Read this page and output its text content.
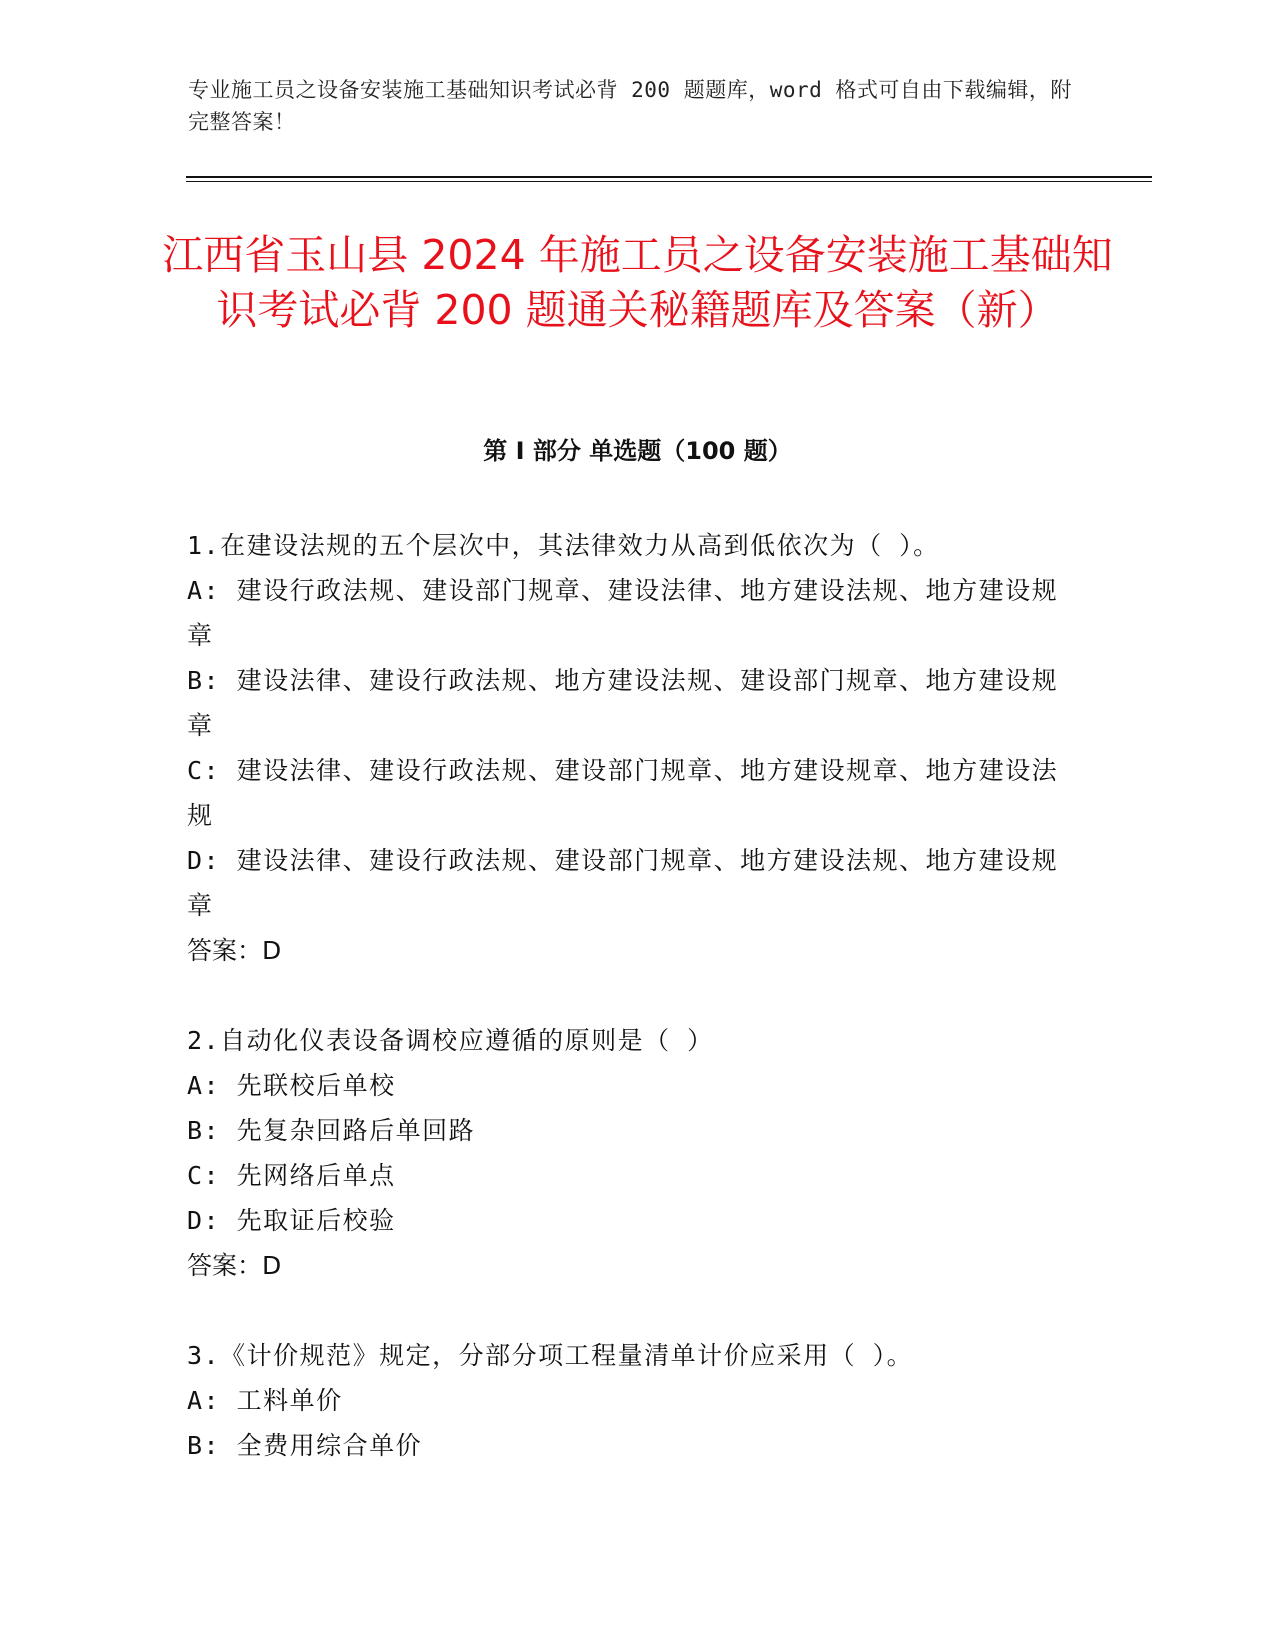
专业施工员之设备安装施工基础知识考试必背 200 题题库，word 格式可自由下载编辑，附完整答案！
江西省玉山县 2024 年施工员之设备安装施工基础知识考试必背 200 题通关秘籍题库及答案（新）
第 I 部分 单选题（100 题）

1.在建设法规的五个层次中，其法律效力从高到低依次为（ ）。

A: 建设行政法规、建设部门规章、建设法律、地方建设法规、地方建设规章

B: 建设法律、建设行政法规、地方建设法规、建设部门规章、地方建设规章

C: 建设法律、建设行政法规、建设部门规章、地方建设规章、地方建设法规

D: 建设法律、建设行政法规、建设部门规章、地方建设法规、地方建设规章

答案：D

2.自动化仪表设备调校应遵循的原则是（ ）

A: 先联校后单校

B: 先复杂回路后单回路

C: 先网络后单点

D: 先取证后校验

答案：D

3.《计价规范》规定，分部分项工程量清单计价应采用（ ）。

A: 工料单价

B: 全费用综合单价
